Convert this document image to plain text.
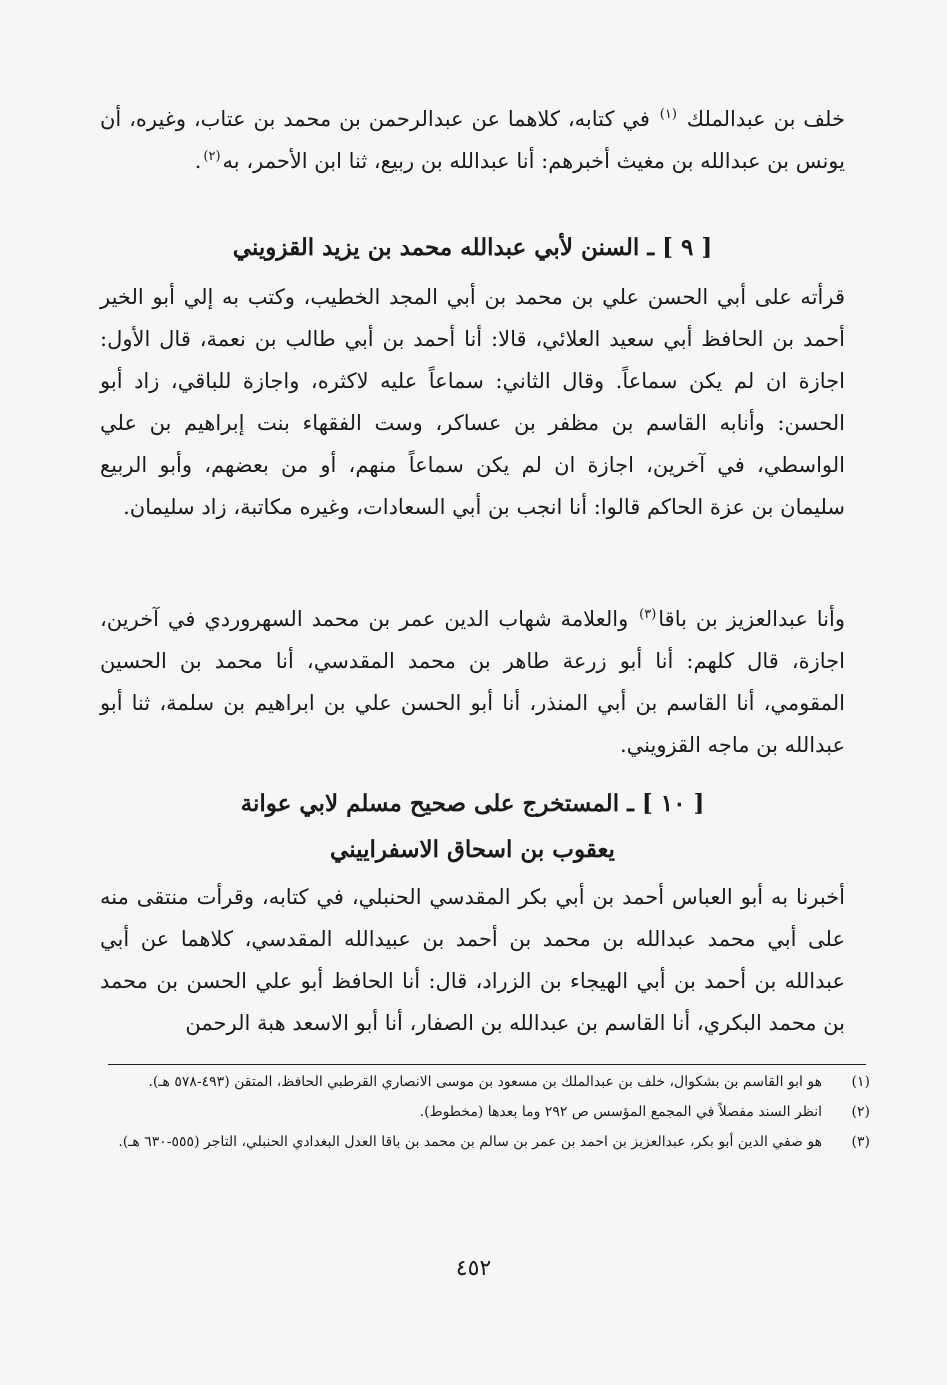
خلف بن عبدالملك $^{(١)}$ في كتابه، كلاهما عن عبدالرحمن بن محمد بن عتاب، وغيره، أن يونس بن عبدالله بن مغيث أخبرهم: أنا عبدالله بن ربيع، ثنا ابن الأحمر، به$^{(٢)}$.
[ ٩ ] ـ السنن لأبي عبدالله محمد بن يزيد القزويني
قرأته على أبي الحسن علي بن محمد بن أبي المجد الخطيب، وكتب به إلي أبو الخير أحمد بن الحافظ أبي سعيد العلائي، قالا: أنا أحمد بن أبي طالب بن نعمة، قال الأول: اجازة ان لم يكن سماعاً. وقال الثاني: سماعاً عليه لاكثره، واجازة للباقي، زاد أبو الحسن: وأنابه القاسم بن مظفر بن عساكر، وست الفقهاء بنت إبراهيم بن علي الواسطي، في آخرين، اجازة ان لم يكن سماعاً منهم، أو من بعضهم، وأبو الربيع سليمان بن عزة الحاكم قالوا: أنا انجب بن أبي السعادات، وغيره مكاتبة، زاد سليمان.
وأنا عبدالعزيز بن باقا$^{(٣)}$ والعلامة شهاب الدين عمر بن محمد السهروردي في آخرين، اجازة، قال كلهم: أنا أبو زرعة طاهر بن محمد المقدسي، أنا محمد بن الحسين المقومي، أنا القاسم بن أبي المنذر، أنا أبو الحسن علي بن ابراهيم بن سلمة، ثنا أبو عبدالله بن ماجه القزويني.
[ ١٠ ] ـ المستخرج على صحيح مسلم لابي عوانة
يعقوب بن اسحاق الاسفراييني
أخبرنا به أبو العباس أحمد بن أبي بكر المقدسي الحنبلي، في كتابه، وقرأت منتقى منه على أبي محمد عبدالله بن محمد بن أحمد بن عبيدالله المقدسي، كلاهما عن أبي عبدالله بن أحمد بن أبي الهيجاء بن الزراد، قال: أنا الحافظ أبو علي الحسن بن محمد بن محمد البكري، أنا القاسم بن عبدالله بن الصفار، أنا أبو الاسعد هبة الرحمن
(١)
هو ابو القاسم بن بشكوال، خلف بن عبدالملك بن مسعود بن موسى الانصاري القرطبي الحافظ، المتقن (٤٩٣-٥٧٨ هـ).
(٢)
انظر السند مفصلاً في المجمع المؤسس ص ٢٩٢ وما بعدها (مخطوط).
(٣)
هو صفي الدين أبو بكر، عبدالعزيز بن احمد بن عمر بن سالم بن محمد بن باقا العدل البغدادي الحنبلي، التاجر (٥٥٥-٦٣٠ هـ).
٤٥٢
